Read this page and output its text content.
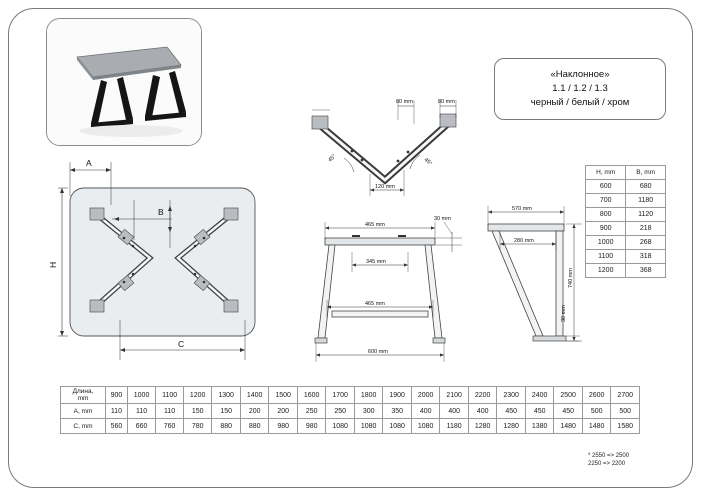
«Наклонное»
1.1 / 1.2 / 1.3
черный / белый / хром
H, mm	B, mm
600	680
700	1180
800	1120
900	218
1000	268
1100	318
1200	368
A
B
H
C
80 mm	80 mm
45°	45°
120 mm
465 mm
30 mm
345 mm
465 mm
600 mm
570 mm
280 mm
740 mm
30 mm
Длина,
mm	900	1000	1100	1200	1300	1400	1500	1600	1700	1800	1900	2000	2100	2200	2300	2400	2500	2600	2700
A, mm	110	110	110	150	150	200	200	250	250	300	350	400	400	400	450	450	450	500	500
C, mm	560	660	760	780	880	880	980	980	1080	1080	1080	1080	1180	1280	1280	1380	1480	1480	1580
* 2550 => 2500
2250 => 2200
